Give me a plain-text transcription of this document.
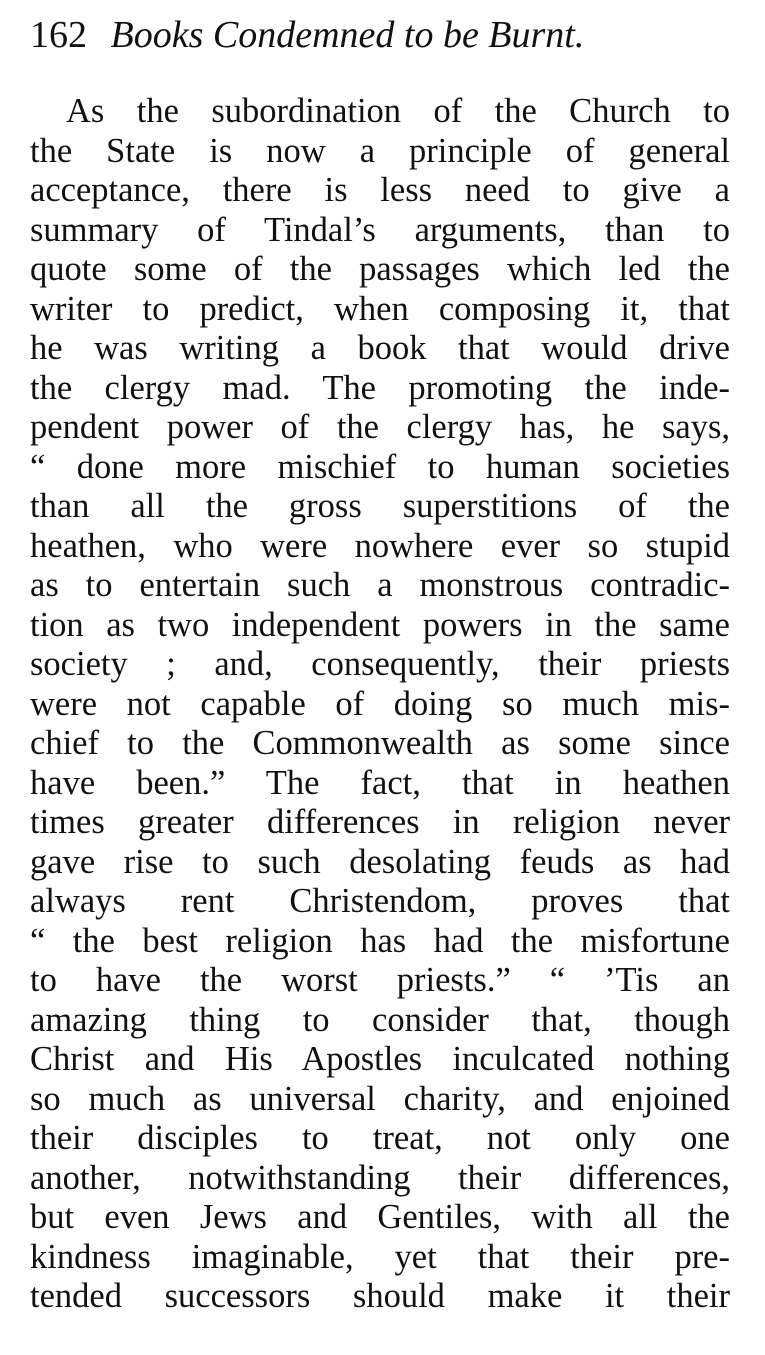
162 Books Condemned to be Burnt.
As the subordination of the Church to
the State is now a principle of general
acceptance, there is less need to give a
summary of Tindal’s arguments, than to
quote some of the passages which led the
writer to predict, when composing it, that
he was writing a book that would drive
the clergy mad. The promoting the inde-
pendent power of the clergy has, he says,
“ done more mischief to human societies
than all the gross superstitions of the
heathen, who were nowhere ever so stupid
as to entertain such a monstrous contradic-
tion as two independent powers in the same
society ; and, consequently, their priests
were not capable of doing so much mis-
chief to the Commonwealth as some since
have been.” The fact, that in heathen
times greater differences in religion never
gave rise to such desolating feuds as had
always rent Christendom, proves that
“ the best religion has had the misfortune
to have the worst priests.” “ ’Tis an
amazing thing to consider that, though
Christ and His Apostles inculcated nothing
so much as universal charity, and enjoined
their disciples to treat, not only one
another, notwithstanding their differences,
but even Jews and Gentiles, with all the
kindness imaginable, yet that their pre-
tended successors should make it their
